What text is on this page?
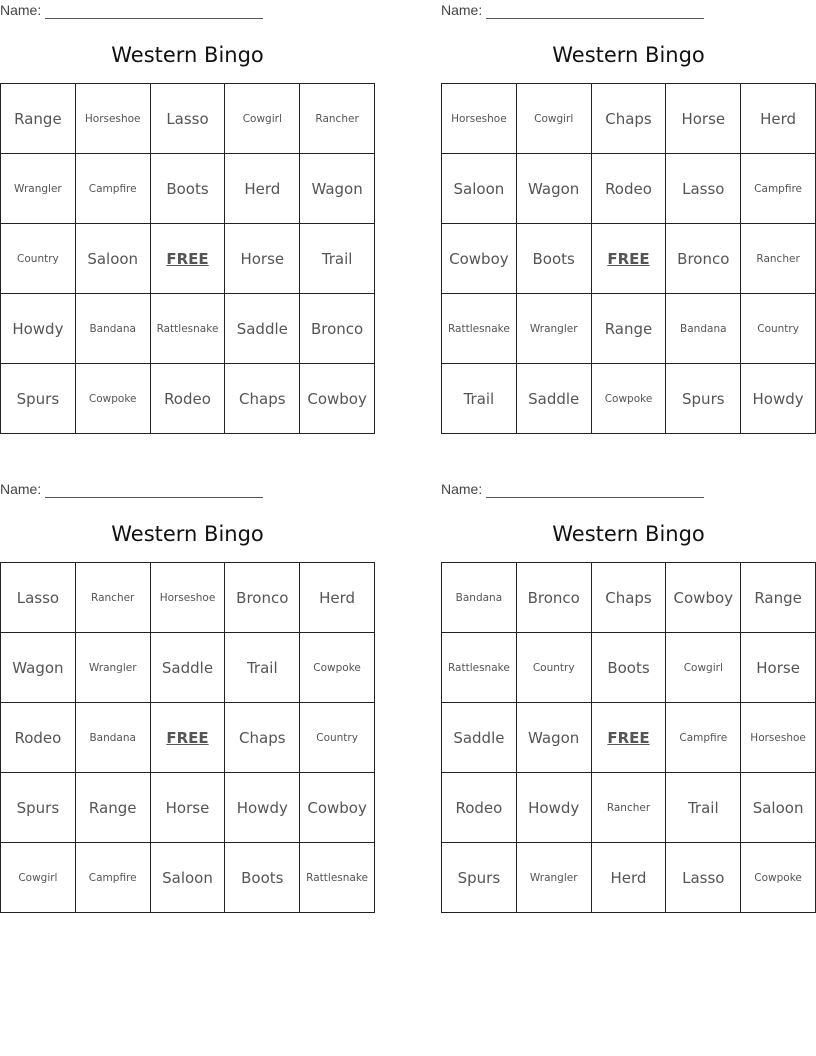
Name:
Western Bingo
Range	Horseshoe	Lasso	Cowgirl	Rancher
Wrangler	Campfire	Boots	Herd	Wagon
Country	Saloon	FREE	Horse	Trail
Howdy	Bandana	Rattlesnake	Saddle	Bronco
Spurs	Cowpoke	Rodeo	Chaps	Cowboy
Name:
Western Bingo
Horseshoe	Cowgirl	Chaps	Horse	Herd
Saloon	Wagon	Rodeo	Lasso	Campfire
Cowboy	Boots	FREE	Bronco	Rancher
Rattlesnake	Wrangler	Range	Bandana	Country
Trail	Saddle	Cowpoke	Spurs	Howdy
Name:
Western Bingo
Lasso	Rancher	Horseshoe	Bronco	Herd
Wagon	Wrangler	Saddle	Trail	Cowpoke
Rodeo	Bandana	FREE	Chaps	Country
Spurs	Range	Horse	Howdy	Cowboy
Cowgirl	Campfire	Saloon	Boots	Rattlesnake
Name:
Western Bingo
Bandana	Bronco	Chaps	Cowboy	Range
Rattlesnake	Country	Boots	Cowgirl	Horse
Saddle	Wagon	FREE	Campfire	Horseshoe
Rodeo	Howdy	Rancher	Trail	Saloon
Spurs	Wrangler	Herd	Lasso	Cowpoke
